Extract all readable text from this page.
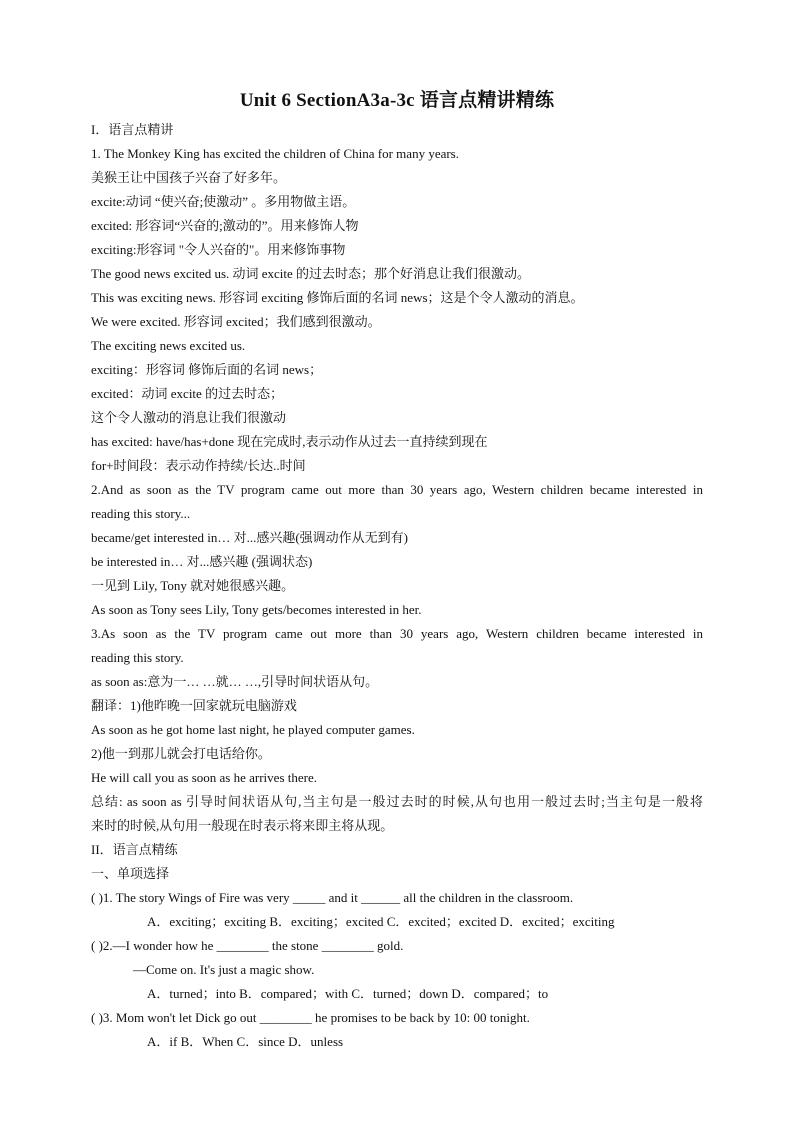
Unit 6 SectionA3a-3c 语言点精讲精练
I．语言点精讲
1. The Monkey King has excited the children of China for many years.
美猴王让中国孩子兴奋了好多年。
excite:动词 “使兴奋;使激动” 。多用物做主语。
excited: 形容词“兴奋的;激动的”。用来修饰人物
exciting:形容词 "令人兴奋的"。用来修饰事物
The good news excited us. 动词 excite 的过去时态；那个好消息让我们很激动。
This was exciting news. 形容词 exciting 修饰后面的名词 news；这是个令人激动的消息。
We were excited. 形容词 excited；我们感到很激动。
The exciting news excited us.
exciting：形容词 修饰后面的名词 news；
excited：动词 excite 的过去时态；
这个令人激动的消息让我们很激动
has excited: have/has+done 现在完成时,表示动作从过去一直持续到现在
for+时间段：表示动作持续/长达..时间
2.And as soon as the TV program came out more than 30 years ago, Western children became interested in
reading this story...
became/get interested in… 对...感兴趣(强调动作从无到有)
be interested in… 对...感兴趣 (强调状态)
一见到 Lily, Tony 就对她很感兴趣。
As soon as Tony sees Lily, Tony gets/becomes interested in her.
3.As soon as the TV program came out more than 30 years ago, Western children became interested in
reading this story.
as soon as:意为一… …就… …,引导时间状语从句。
翻译：1)他昨晚一回家就玩电脑游戏
As soon as he got home last night, he played computer games.
2)他一到那儿就会打电话给你。
He will call you as soon as he arrives there.
总结: as soon as 引导时间状语从句,当主句是一般过去时的时候,从句也用一般过去时;当主句是一般将
来时的时候,从句用一般现在时表示将来即主将从现。
II．语言点精练
一、单项选择
( )1. The story Wings of Fire was very _____ and it ______ all the children in the classroom.
A．exciting；exciting B．exciting；excited C．excited；excited D．excited；exciting
( )2.—I wonder how he ________ the stone ________ gold.
—Come on. It's just a magic show.
A．turned；into B．compared；with C．turned；down D．compared；to
( )3. Mom won't let Dick go out ________ he promises to be back by 10: 00 tonight.
A．if B．When C．since D．unless
